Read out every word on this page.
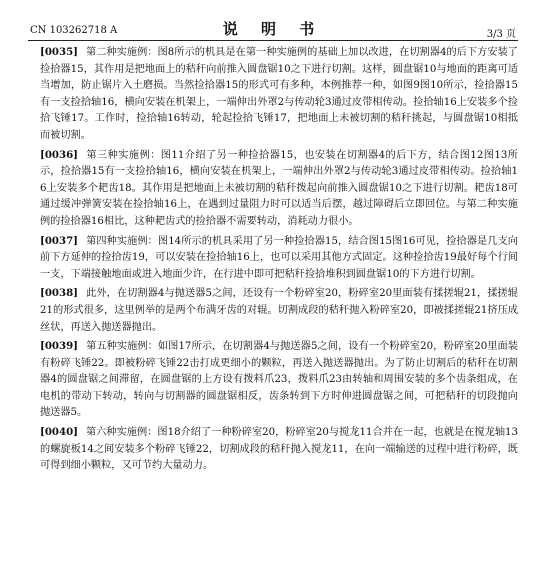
CN 103262718 A	说 明 书	3/3 页

[0035] 第二种实施例：图8所示的机具是在第一种实施例的基础上加以改进，在切割器4的后下方安装了捡拾器15，其作用是把地面上的秸秆向前推入圆盘锯10之下进行切割。这样，圆盘锯10与地面的距离可适当增加，防止锯片入土磨损。当然捡拾器15的形式可有多种，本例推荐一种，如图9图10所示，捡拾器15有一支捡拾轴16，横向安装在机架上，一端伸出外罩2与传动轮3通过皮带相传动。捡拾轴16上安装多个捡拾飞锤17。工作时，捡拾轴16转动，轮起捡拾飞锤17，把地面上未被切割的秸秆挑起，与圆盘锯10相抵而被切割。

[0036] 第三种实施例：图11介绍了另一种捡拾器15，也安装在切割器4的后下方，结合图12图13所示，捡拾器15有一支捡拾轴16，横向安装在机架上，一端伸出外罩2与传动轮3通过皮带相传动。捡拾轴16上安装多个耙齿18。其作用是把地面上未被切割的秸秆拨起向前推入圆盘锯10之下进行切割。耙齿18可通过缓冲弹簧安装在捡拾轴16上，在遇到过量阻力时可以适当后摆，越过障碍后立即回位。与第二种实施例的捡拾器16相比，这种耙齿式的捡拾器不需要转动，消耗动力很小。

[0037] 第四种实施例：图14所示的机具采用了另一种捡拾器15，结合图15图16可见，捡拾器是几支向前下方延伸的捡拾齿19，可以安装在捡拾轴16上，也可以采用其他方式固定。这种捡拾齿19最好每个行间一支，下端接触地面或进入地面少许，在行进中即可把秸秆捡拾堆积到圆盘锯10的下方进行切割。

[0038] 此外，在切割器4与抛送器5之间，还设有一个粉碎室20，粉碎室20里面装有揉搓辊21，揉搓辊21的形式很多，这里例举的是两个布满牙齿的对辊。切割成段的秸秆抛入粉碎室20，即被揉搓辊21挤压成丝状，再送入抛送器抛出。

[0039] 第五种实施例：如图17所示，在切割器4与抛送器5之间，设有一个粉碎室20，粉碎室20里面装有粉碎飞锤22。即被粉碎飞锤22击打成更细小的颗粒，再送入抛送器抛出。为了防止切割后的秸秆在切割器4的圆盘锯之间滞留，在圆盘锯的上方设有拨料爪23，拨料爪23由转轴和周围安装的多个齿条组成，在电机的带动下转动，转向与切割器的圆盘锯相反，齿条转到下方时伸进圆盘锯之间，可把秸秆的切段抛向抛送器5。

[0040] 第六种实施例：图18介绍了一种粉碎室20，粉碎室20与搅龙11合并在一起，也就是在搅龙轴13的螺旋板14之间安装多个粉碎飞锤22，切割成段的秸秆抛入搅龙11，在向一端输送的过程中进行粉碎，既可得到细小颗粒，又可节约大量动力。
